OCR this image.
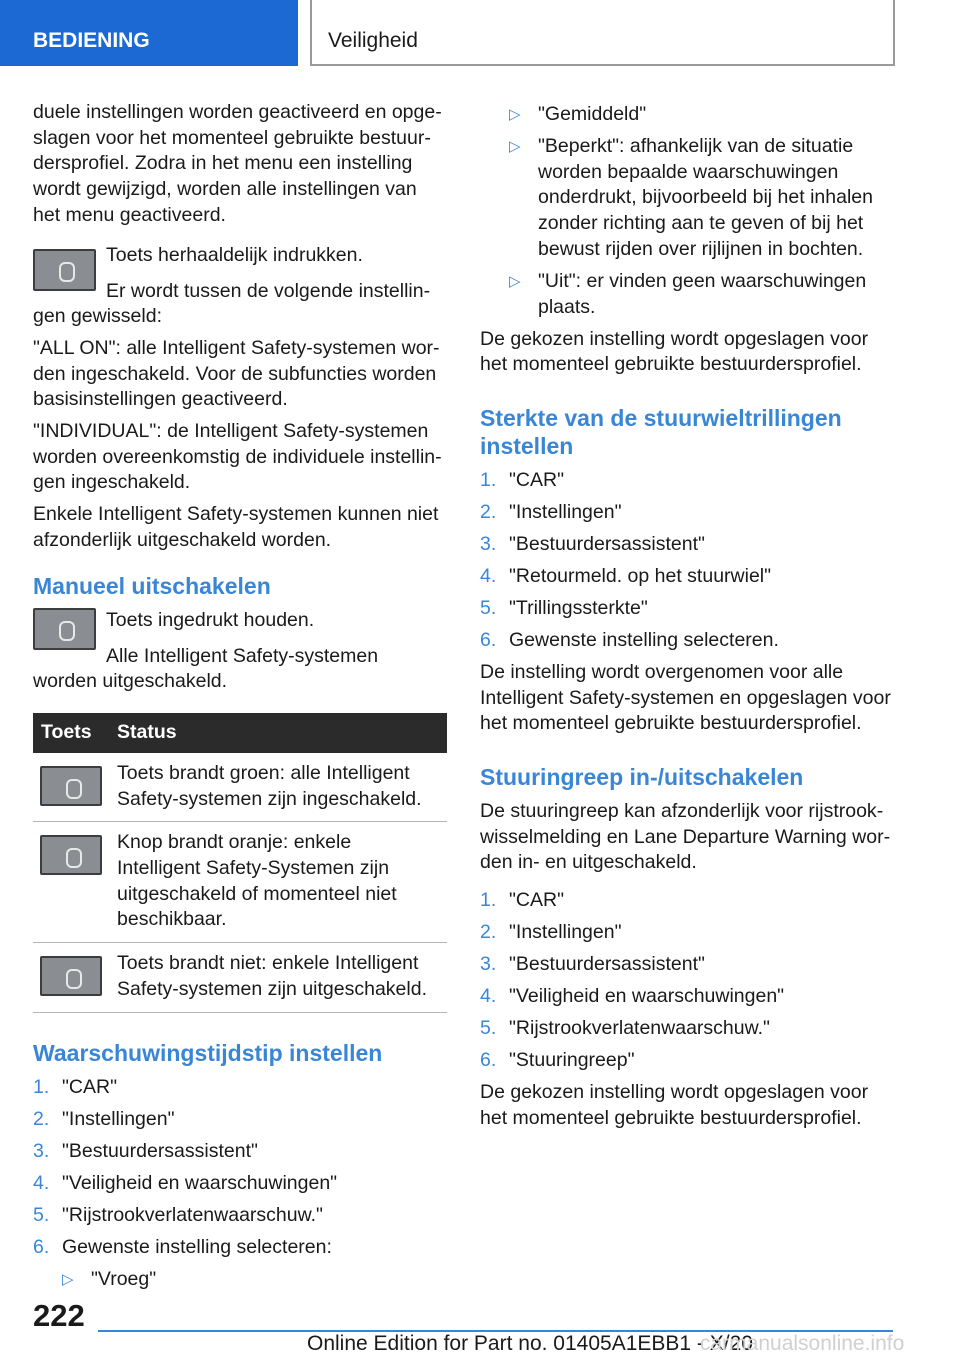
BEDIENING	Veiligheid

duele instellingen worden geactiveerd en opgeslagen voor het momenteel gebruikte bestuurdersprofiel. Zodra in het menu een instelling wordt gewijzigd, worden alle instellingen van het menu geactiveerd.

Toets herhaaldelijk indrukken.

Er wordt tussen de volgende instellingen gewisseld:

"ALL ON": alle Intelligent Safety-systemen worden ingeschakeld. Voor de subfuncties worden basisinstellingen geactiveerd.

"INDIVIDUAL": de Intelligent Safety-systemen worden overeenkomstig de individuele instellingen ingeschakeld.

Enkele Intelligent Safety-systemen kunnen niet afzonderlijk uitgeschakeld worden.

Manueel uitschakelen

Toets ingedrukt houden.

Alle Intelligent Safety-systemen worden uitgeschakeld.

Toets	Status

	Toets brandt groen: alle Intelligent Safety-systemen zijn ingeschakeld.

	Knop brandt oranje: enkele Intelligent Safety-Systemen zijn uitgeschakeld of momenteel niet beschikbaar.

	Toets brandt niet: enkele Intelligent Safety-systemen zijn uitgeschakeld.
Waarschuwingstijdstip instellen
1. "CAR"
2. "Instellingen"
3. "Bestuurdersassistent"
4. "Veiligheid en waarschuwingen"
5. "Rijstrookverlatenwaarschuw."
6. Gewenste instelling selecteren:
▷ "Vroeg"
▷ "Gemiddeld"
▷ "Beperkt": afhankelijk van de situatie worden bepaalde waarschuwingen onderdrukt, bijvoorbeeld bij het inhalen zonder richting aan te geven of bij het bewust rijden over rijlijnen in bochten.
▷ "Uit": er vinden geen waarschuwingen plaats.

De gekozen instelling wordt opgeslagen voor het momenteel gebruikte bestuurdersprofiel.

Sterkte van de stuurwieltrillingen instellen
1. "CAR"
2. "Instellingen"
3. "Bestuurdersassistent"
4. "Retourmeld. op het stuurwiel"
5. "Trillingssterkte"
6. Gewenste instelling selecteren.

De instelling wordt overgenomen voor alle Intelligent Safety-systemen en opgeslagen voor het momenteel gebruikte bestuurdersprofiel.

Stuuringreep in-/uitschakelen

De stuuringreep kan afzonderlijk voor rijstrookwisselmelding en Lane Departure Warning worden in- en uitgeschakeld.

1. "CAR"
2. "Instellingen"
3. "Bestuurdersassistent"
4. "Veiligheid en waarschuwingen"
5. "Rijstrookverlatenwaarschuw."
6. "Stuuringreep"

De gekozen instelling wordt opgeslagen voor het momenteel gebruikte bestuurdersprofiel.

222
Online Edition for Part no. 01405A1EBB1 - X/20
carmanualsonline.info
